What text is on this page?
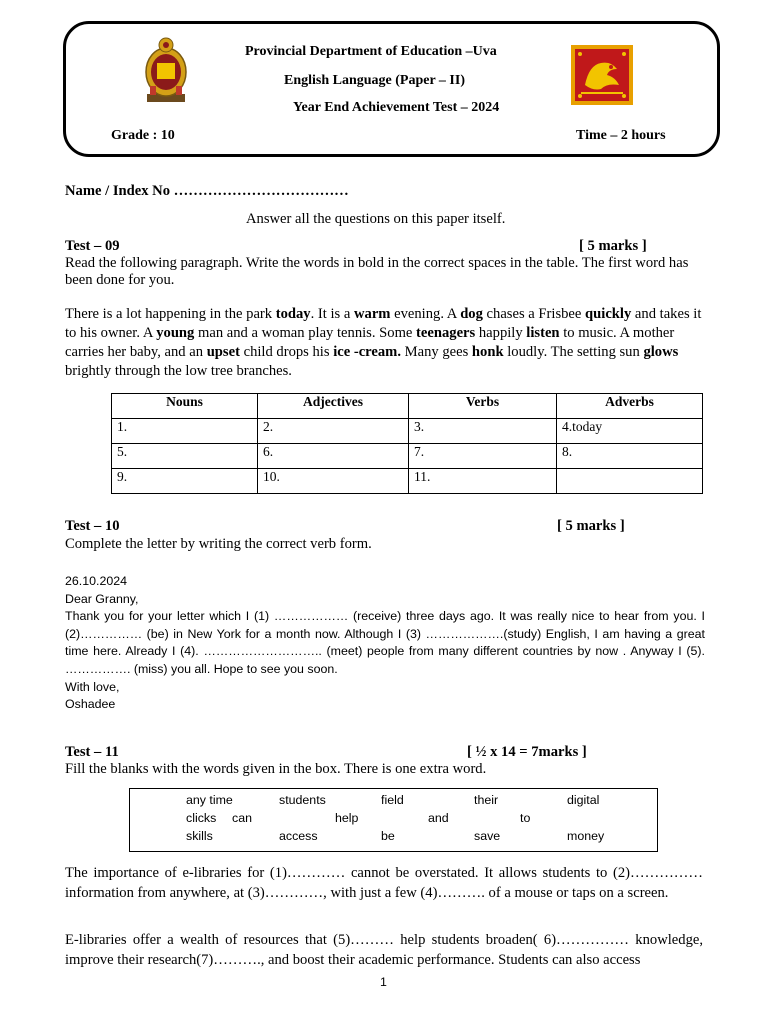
Provincial Department of Education –Uva
English Language (Paper – II)
Year End Achievement Test – 2024
Grade : 10	Time – 2 hours
Name / Index No ………………………………
Answer all the questions on this paper itself.
Test – 09	[ 5 marks ]
Read the following paragraph. Write the words in bold in the correct spaces in the table. The first word has been done for you.
There is a lot happening in the park today. It is a warm evening. A dog chases a Frisbee quickly and takes it to his owner. A young man and a woman play tennis. Some teenagers happily listen to music. A mother carries her baby, and an upset child drops his ice -cream. Many gees honk loudly. The setting sun glows brightly through the low tree branches.
Nouns	Adjectives	Verbs	Adverbs
1.	2.	3.	4.today
5.	6.	7.	8.
9.	10.	11.	
Test – 10	[ 5 marks ]
Complete the letter by writing the correct verb form.
26.10.2024
Dear Granny,
Thank you for your letter which I (1) ……………… (receive) three days ago. It was really nice to hear from you. I (2)…………… (be) in New York for a month now. Although I (3) ……………….(study) English, I am having a great time here. Already I (4). ……………………….. (meet) people from many different countries by now . Anyway I (5). ……………. (miss) you all. Hope to see you soon.
With love,
Oshadee
Test – 11	[ ½ x 14 = 7marks ]
Fill the blanks with the words given in the box. There is one extra word.
any time	students	field	their	digital
clicks can	help	and	to
skills	access	be	save	money
The importance of e-libraries for (1)………… cannot be overstated. It allows students to (2)……………information from anywhere, at (3)…………, with just a few (4)………. of a mouse or taps on a screen.
E-libraries offer a wealth of resources that (5)……… help students broaden( 6)…………… knowledge, improve their research(7)………., and boost their academic performance. Students can also access
1
